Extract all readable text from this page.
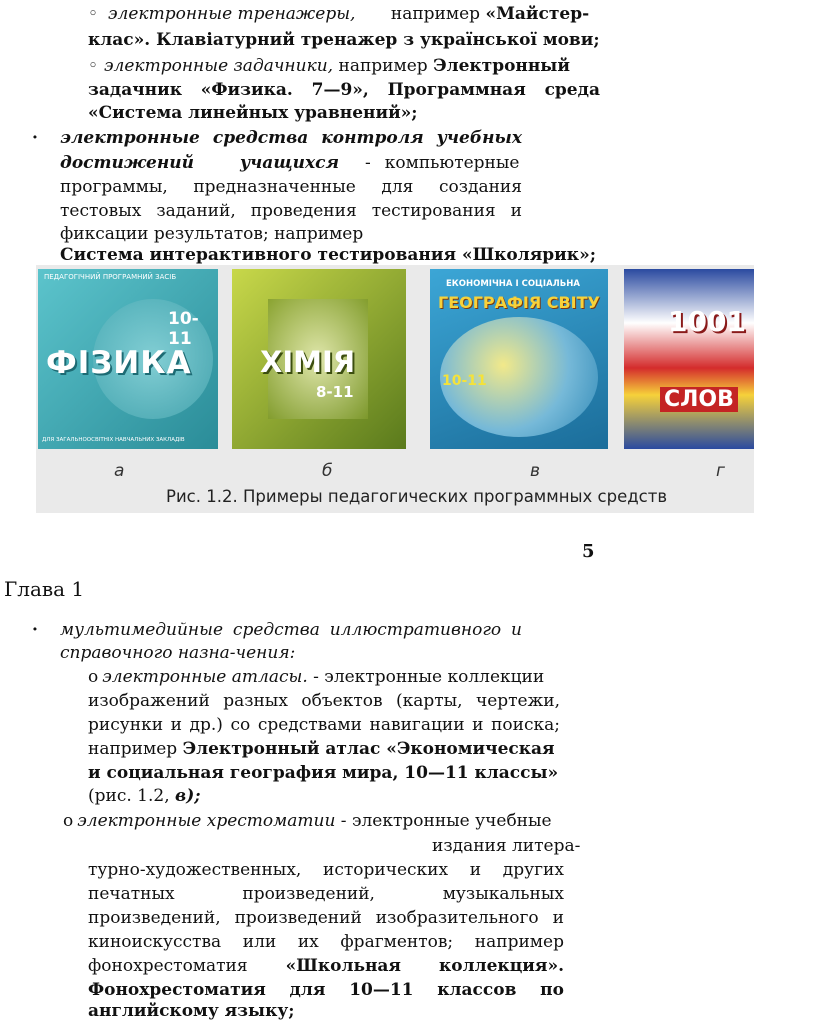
◦ электронные тренажеры, например «Майстер-
клас». Клавіатурний тренажер з української мови;
◦ электронные задачники, например Электронный
задачник «Физика. 7—9», Программная среда
«Система линейных уравнений»;
· электронные средства контроля учебных
достижений	учащихся - компьютерные
программы, предназначенные для создания
тестовых заданий, проведения тестирования и
фиксации результатов; например
Система интерактивного тестирования «Школярик»;
ПЕДАГОГІЧНИЙ ПРОГРАМНИЙ ЗАСІБ
10-11
ФІЗИКА
ДЛЯ ЗАГАЛЬНООСВІТНІХ НАВЧАЛЬНИХ ЗАКЛАДІВ
ХІМІЯ
8-11
ЕКОНОМІЧНА І СОЦІАЛЬНА
ГЕОГРАФІЯ СВІТУ
10-11
1001
СЛОВ
а	б	в	г
Рис. 1.2. Примеры педагогических программных средств
5
Глава 1
· мультимедийные средства иллюстративного и
справочного назна-чения:
о электронные атласы. - электронные коллекции
изображений разных объектов (карты, чертежи,
рисунки и др.) со средствами навигации и поиска;
например Электронный атлас «Экономическая
и социальная география мира, 10—11 классы»
(рис. 1.2, в);
о электронные хрестоматии - электронные учебные
издания литера-
турно-художественных, исторических и других
печатных	произведений,	музыкальных
произведений, произведений изобразительного и
киноискусства или их фрагментов; например
фонохрестоматия «Школьная коллекция».
Фонохрестоматия для 10—11 классов по
английскому языку;
